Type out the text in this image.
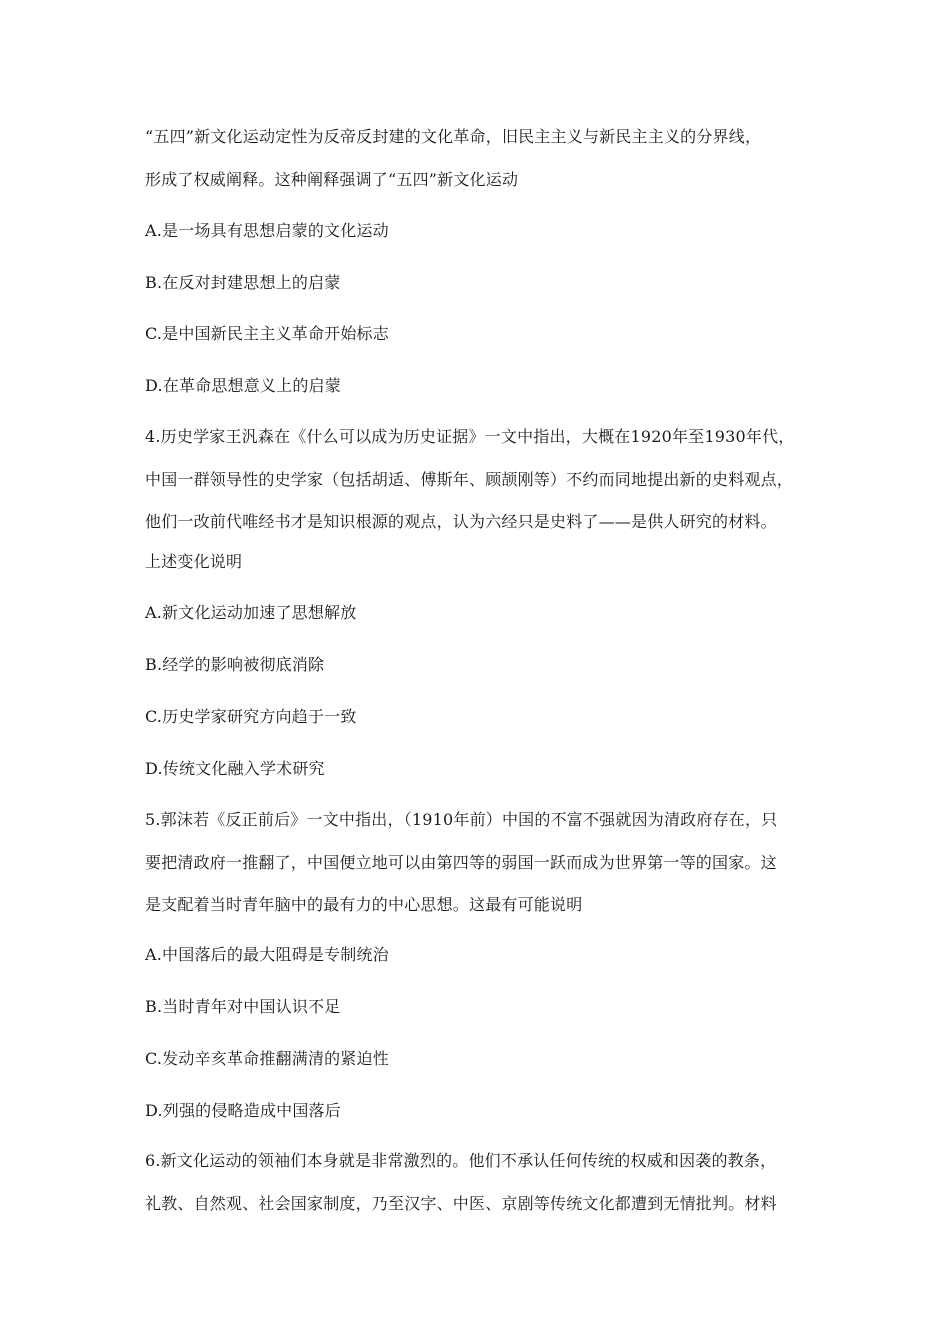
“五四”新文化运动定性为反帝反封建的文化革命，旧民主主义与新民主主义的分界线，
形成了权威阐释。这种阐释强调了“五四”新文化运动
A.是一场具有思想启蒙的文化运动
B.在反对封建思想上的启蒙
C.是中国新民主主义革命开始标志
D.在革命思想意义上的启蒙
4.历史学家王汎森在《什么可以成为历史证据》一文中指出，大概在1920年至1930年代，
中国一群领导性的史学家（包括胡适、傅斯年、顾颉刚等）不约而同地提出新的史料观点，
他们一改前代唯经书才是知识根源的观点，认为六经只是史料了——是供人研究的材料。
上述变化说明
A.新文化运动加速了思想解放
B.经学的影响被彻底消除
C.历史学家研究方向趋于一致
D.传统文化融入学术研究
5.郭沫若《反正前后》一文中指出，（1910年前）中国的不富不强就因为清政府存在，只
要把清政府一推翻了，中国便立地可以由第四等的弱国一跃而成为世界第一等的国家。这
是支配着当时青年脑中的最有力的中心思想。这最有可能说明
A.中国落后的最大阻碍是专制统治
B.当时青年对中国认识不足
C.发动辛亥革命推翻满清的紧迫性
D.列强的侵略造成中国落后
6.新文化运动的领袖们本身就是非常激烈的。他们不承认任何传统的权威和因袭的教条，
礼教、自然观、社会国家制度，乃至汉字、中医、京剧等传统文化都遭到无情批判。材料
